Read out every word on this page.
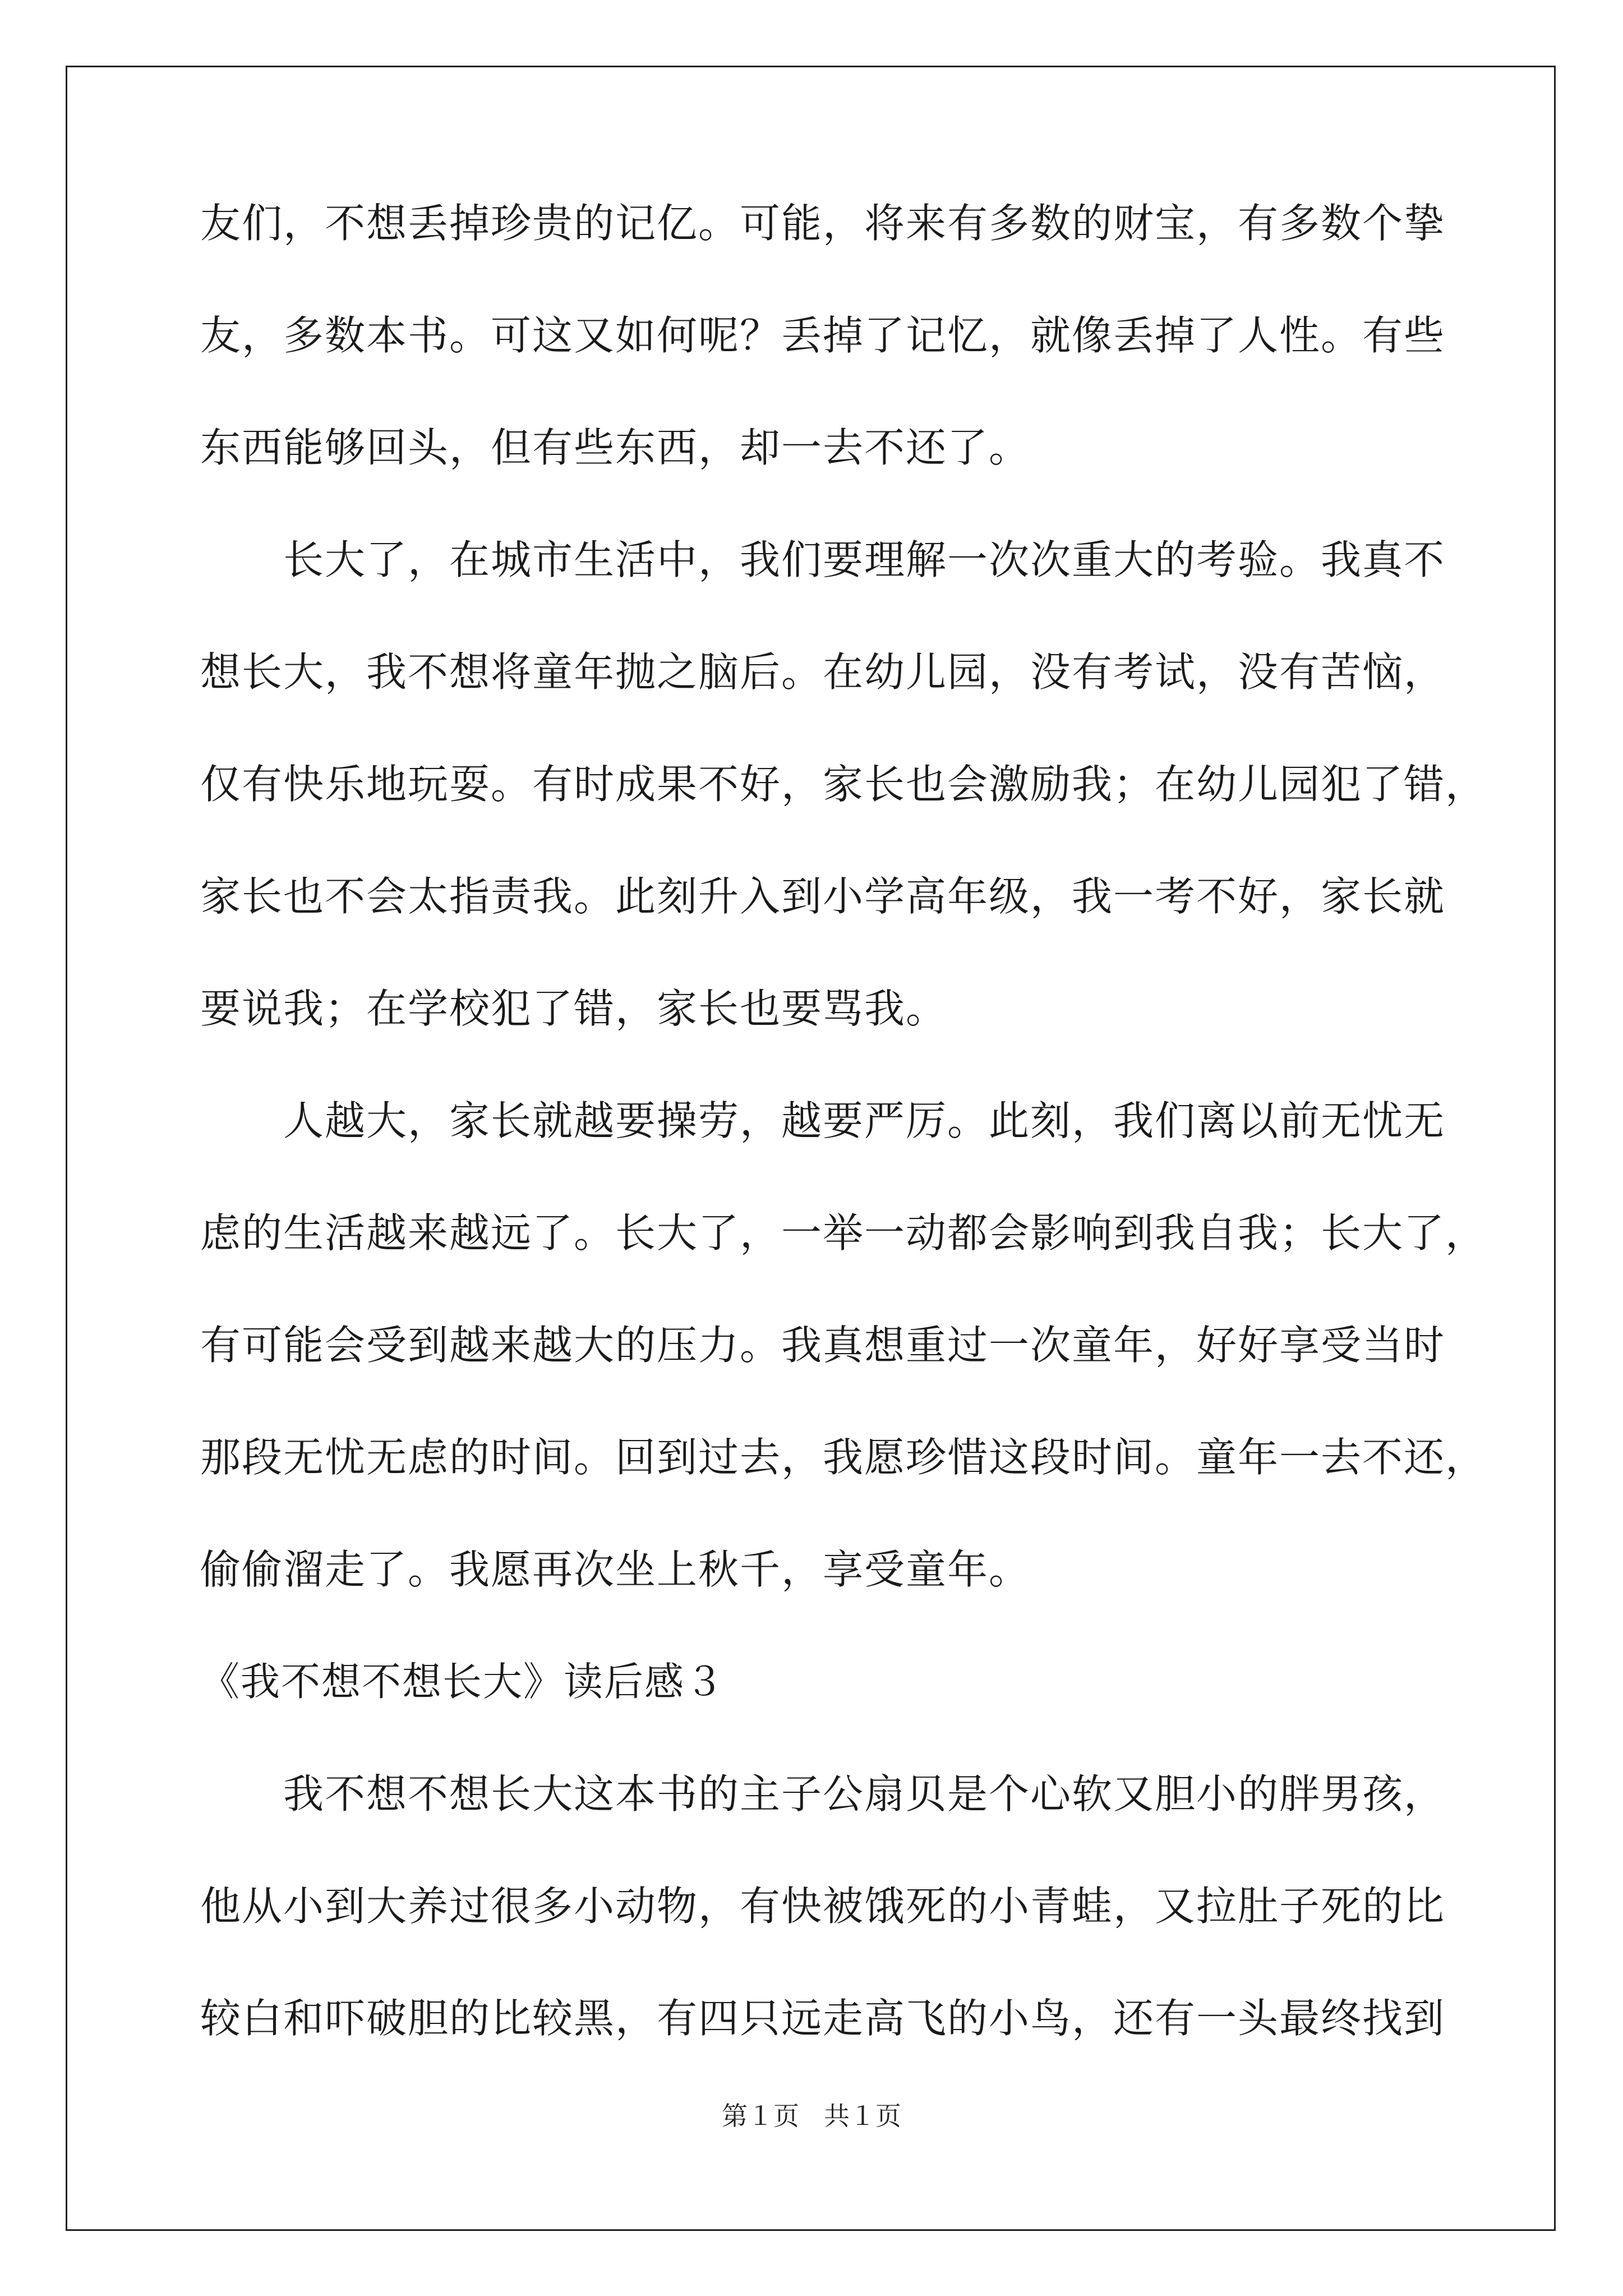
友们，不想丢掉珍贵的记亿。可能，将来有多数的财宝，有多数个挚

友，多数本书。可这又如何呢？丢掉了记忆，就像丢掉了人性。有些

东西能够回头，但有些东西，却一去不还了。

长大了，在城市生活中，我们要理解一次次重大的考验。我真不

想长大，我不想将童年抛之脑后。在幼儿园，没有考试，没有苦恼，

仅有快乐地玩耍。有时成果不好，家长也会激励我；在幼儿园犯了错，

家长也不会太指责我。此刻升入到小学高年级，我一考不好，家长就

要说我；在学校犯了错，家长也要骂我。

人越大，家长就越要操劳，越要严厉。此刻，我们离以前无忧无

虑的生活越来越远了。长大了，一举一动都会影响到我自我；长大了，

有可能会受到越来越大的压力。我真想重过一次童年，好好享受当时

那段无忧无虑的时间。回到过去，我愿珍惜这段时间。童年一去不还，

偷偷溜走了。我愿再次坐上秋千，享受童年。

《我不想不想长大》读后感３

我不想不想长大这本书的主子公扇贝是个心软又胆小的胖男孩，

他从小到大养过很多小动物，有快被饿死的小青蛙，又拉肚子死的比

较白和吓破胆的比较黑，有四只远走高飞的小鸟，还有一头最终找到

第１页 共１页
